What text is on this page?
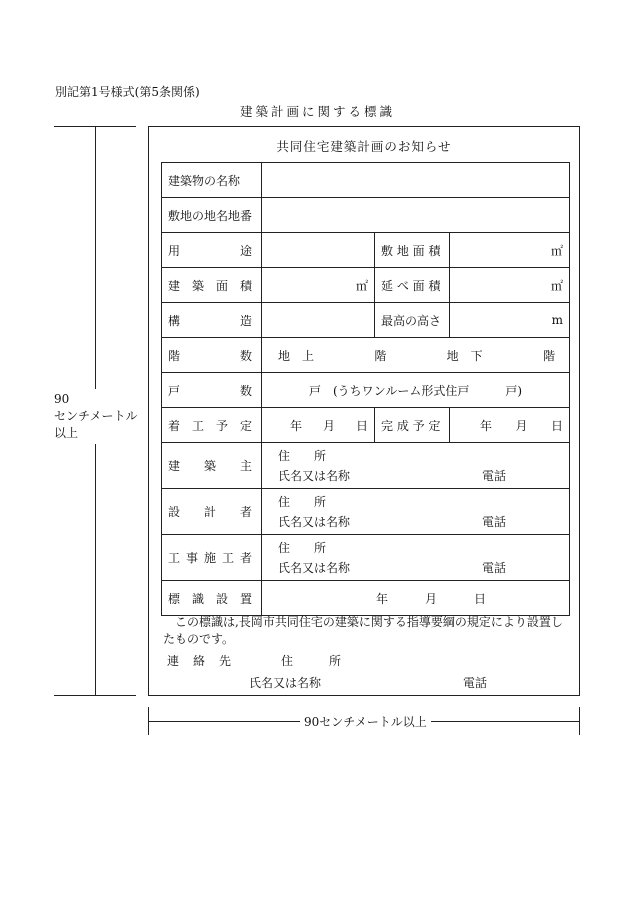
別記第1号様式(第5条関係)
建築計画に関する標識
90
センチメートル
以上
共同住宅建築計画のお知らせ
建築物の名称			
敷地の地名地番			
用　途		敷 地 面 積	㎡
建 築 面 積	㎡	延 べ 面 積	㎡
構　造		最高の高さ	m
階　数	地　上 階 地　下 階		

戸　数	戸　(うちワンルーム形式住戸　　　戸)		
着 工 予 定	年 月 日	完 成 予 定	年 月 日

建　築　主	住　　所
氏名又は名称 電話		

設　計　者	住　　所
氏名又は名称 電話		

工事施工者	住　　所
氏名又は名称 電話		

標 識 設 置	年 月 日		
この標識は,長岡市共同住宅の建築に関する指導要綱の規定により設置したものです。
連絡先	住　　　所
氏名又は名称	電話
90センチメートル以上
